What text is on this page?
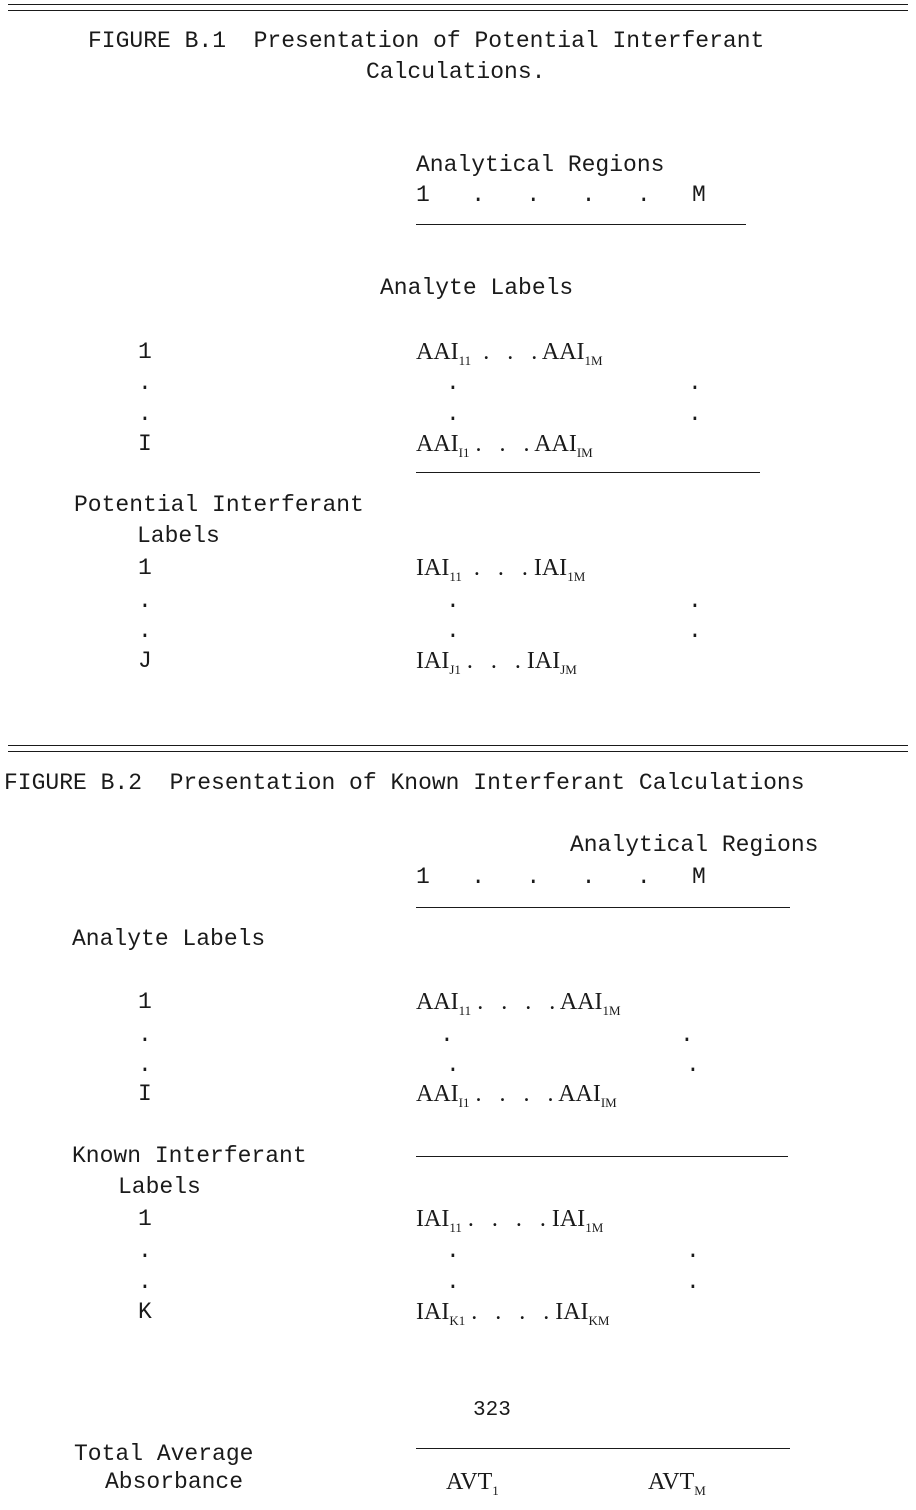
FIGURE B.1  Presentation of Potential Interferant
Calculations.
Analytical Regions
1   .   .   .   .   M
Analyte Labels
1	$AAI_{11}$  .   .   . $AAI_{1M}$
.	.	.
.	.	.
I	$AAI_{I1}$ .   .   . $AAI_{IM}$
Potential Interferant
Labels
1	$IAI_{11}$  .   .   . $IAI_{1M}$
.	.	.
.	.	.
J	$IAI_{J1}$ .   .   . $IAI_{JM}$
FIGURE B.2  Presentation of Known Interferant Calculations
Analytical Regions
1   .   .   .   .   M
Analyte Labels
1	$AAI_{11}$ .   .   .   . $AAI_{1M}$
.	.	.
.	.	.
I	$AAI_{I1}$ .   .   .   . $AAI_{IM}$
Known Interferant
Labels
1	$IAI_{11}$ .   .   .   . $IAI_{1M}$
.	.	.
.	.	.
K	$IAI_{K1}$ .   .   .   . $IAI_{KM}$
323
Total Average
Absorbance	$AVT_1$	$AVT_M$
